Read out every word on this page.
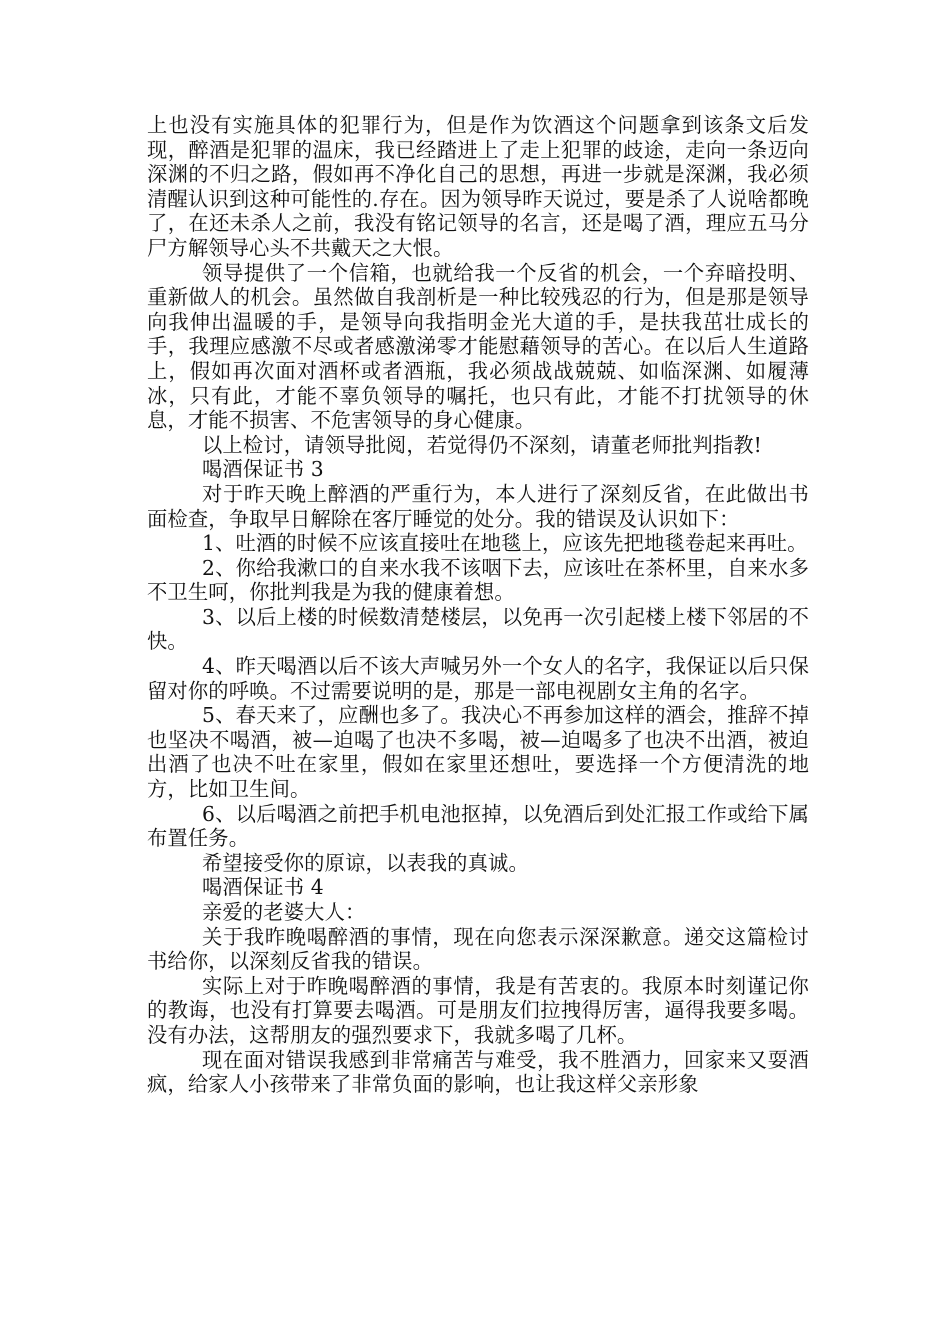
上也没有实施具体的犯罪行为，但是作为饮酒这个问题拿到该条文后发现，醉酒是犯罪的温床，我已经踏进上了走上犯罪的歧途，走向一条迈向深渊的不归之路，假如再不净化自己的思想，再进一步就是深渊，我必须清醒认识到这种可能性的.存在。因为领导昨天说过，要是杀了人说啥都晚了，在还未杀人之前，我没有铭记领导的名言，还是喝了酒，理应五马分尸方解领导心头不共戴天之大恨。

领导提供了一个信箱，也就给我一个反省的机会，一个弃暗投明、重新做人的机会。虽然做自我剖析是一种比较残忍的行为，但是那是领导向我伸出温暖的手，是领导向我指明金光大道的手，是扶我茁壮成长的手，我理应感激不尽或者感激涕零才能慰藉领导的苦心。在以后人生道路上，假如再次面对酒杯或者酒瓶，我必须战战兢兢、如临深渊、如履薄冰，只有此，才能不辜负领导的嘱托，也只有此，才能不打扰领导的休息，才能不损害、不危害领导的身心健康。

以上检讨，请领导批阅，若觉得仍不深刻，请董老师批判指教!

喝酒保证书 3

对于昨天晚上醉酒的严重行为，本人进行了深刻反省，在此做出书面检查，争取早日解除在客厅睡觉的处分。我的错误及认识如下：

1、吐酒的时候不应该直接吐在地毯上，应该先把地毯卷起来再吐。

2、你给我漱口的自来水我不该咽下去，应该吐在茶杯里，自来水多不卫生呵，你批判我是为我的健康着想。

3、以后上楼的时候数清楚楼层，以免再一次引起楼上楼下邻居的不快。

4、昨天喝酒以后不该大声喊另外一个女人的名字，我保证以后只保留对你的呼唤。不过需要说明的是，那是一部电视剧女主角的名字。

5、春天来了，应酬也多了。我决心不再参加这样的酒会，推辞不掉也坚决不喝酒，被—迫喝了也决不多喝，被—迫喝多了也决不出酒，被迫出酒了也决不吐在家里，假如在家里还想吐，要选择一个方便清洗的地方，比如卫生间。

6、以后喝酒之前把手机电池抠掉，以免酒后到处汇报工作或给下属布置任务。

希望接受你的原谅，以表我的真诚。

喝酒保证书 4

亲爱的老婆大人：

关于我昨晚喝醉酒的事情，现在向您表示深深歉意。递交这篇检讨书给你，以深刻反省我的错误。

实际上对于昨晚喝醉酒的事情，我是有苦衷的。我原本时刻谨记你的教诲，也没有打算要去喝酒。可是朋友们拉拽得厉害，逼得我要多喝。没有办法，这帮朋友的强烈要求下，我就多喝了几杯。

现在面对错误我感到非常痛苦与难受，我不胜酒力，回家来又耍酒疯，给家人小孩带来了非常负面的影响，也让我这样父亲形象
